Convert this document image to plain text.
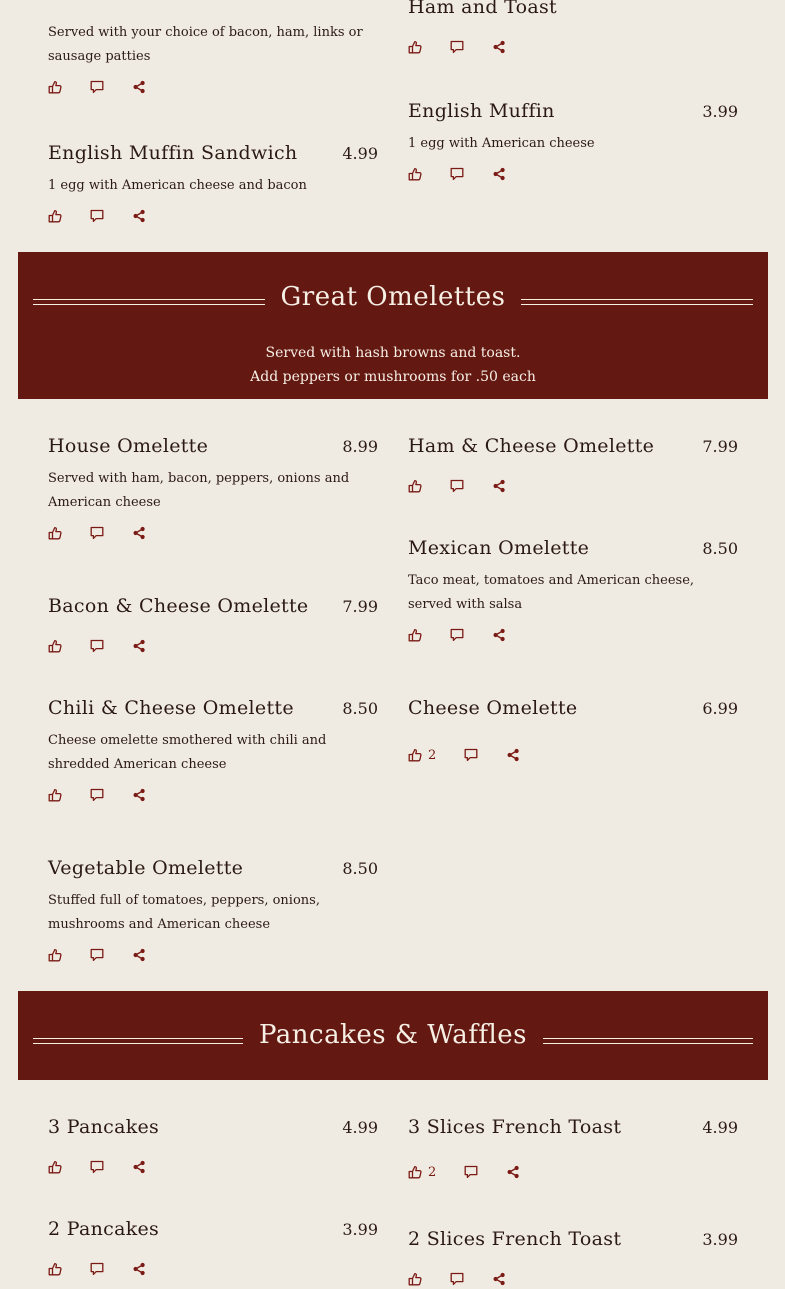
Served with your choice of bacon, ham, links or sausage patties
Ham and Toast
English Muffin Sandwich	4.99
1 egg with American cheese and bacon
English Muffin	3.99
1 egg with American cheese
Great Omelettes
Served with hash browns and toast.
Add peppers or mushrooms for .50 each
House Omelette	8.99
Served with ham, bacon, peppers, onions and American cheese
Ham & Cheese Omelette	7.99
Mexican Omelette	8.50
Taco meat, tomatoes and American cheese, served with salsa
Bacon & Cheese Omelette 7.99
Chili & Cheese Omelette	8.50
Cheese omelette smothered with chili and shredded American cheese
Cheese Omelette	6.99
2
Vegetable Omelette	8.50
Stuffed full of tomatoes, peppers, onions, mushrooms and American cheese
Pancakes & Waffles
3 Pancakes	4.99 3 Slices French Toast	4.99
2
2 Pancakes	3.99 2 Slices French Toast	3.99
